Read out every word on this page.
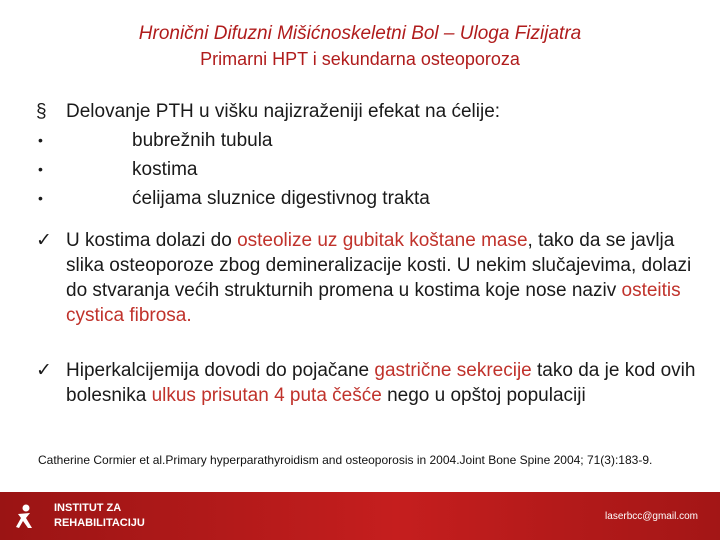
Hronični Difuzni Mišićnoskeletni Bol – Uloga Fizijatra
Primarni HPT i sekundarna osteoporoza
§	Delovanje PTH u višku najizraženiji efekat na ćelije:
•	bubrežnih tubula
•	kostima
•	ćelijama sluznice digestivnog trakta
✓ U kostima dolazi do osteolize uz gubitak koštane mase, tako da se javlja slika osteoporoze zbog demineralizacije kosti. U nekim slučajevima, dolazi do stvaranja većih strukturnih promena u kostima koje nose naziv osteitis cystica fibrosa.
✓ Hiperkalcijemija dovodi do pojačane gastrične sekrecije tako da je kod ovih bolesnika ulkus prisutan 4 puta češće nego u opštoj populaciji
Catherine Cormier et al.Primary hyperparathyroidism and osteoporosis in 2004.Joint Bone Spine 2004; 71(3):183-9.
INSTITUT ZA
REHABILITACIJU
laserbcc@gmail.com
